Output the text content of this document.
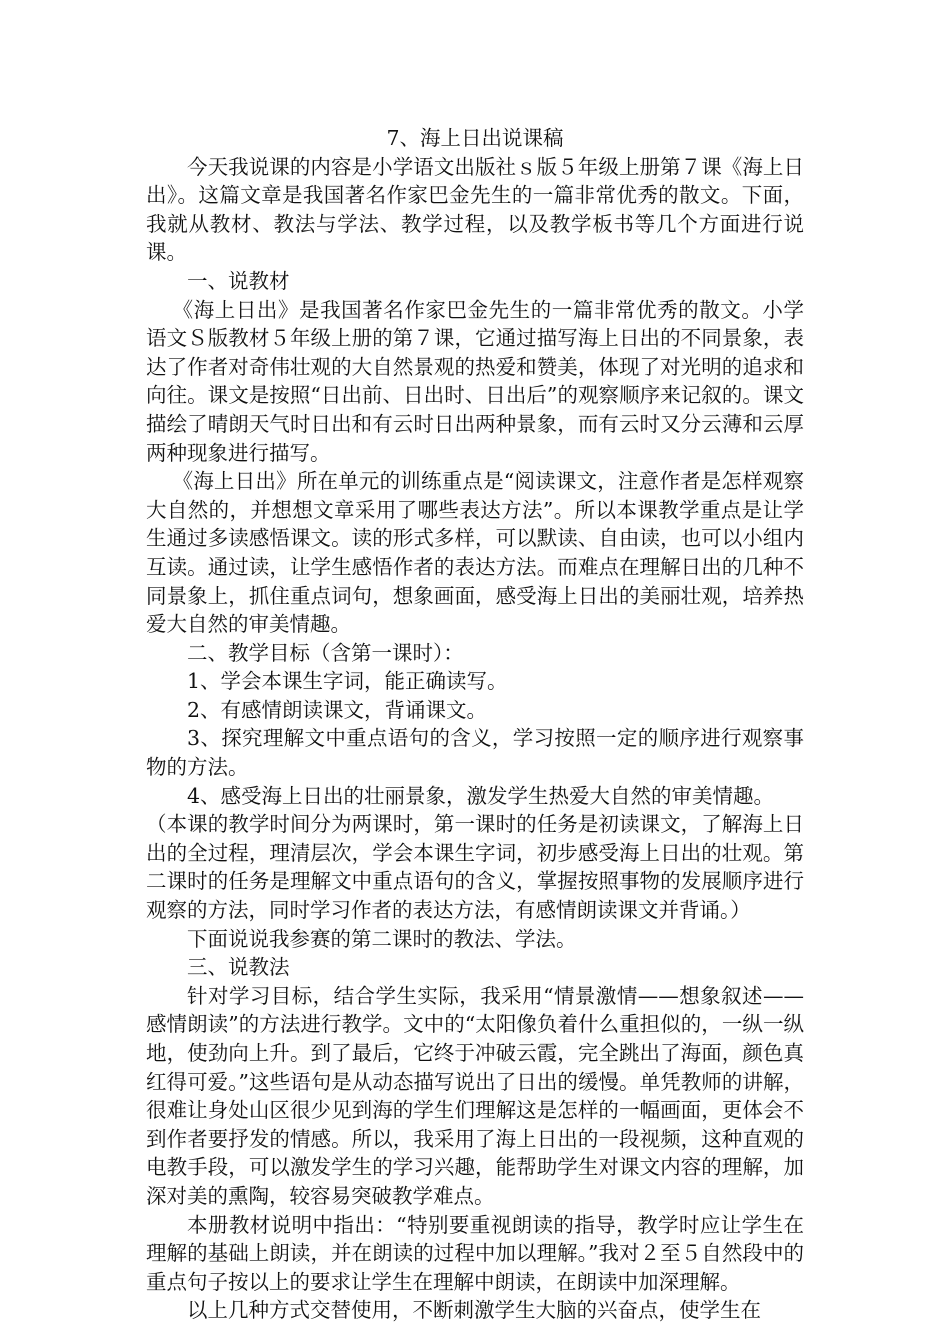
7、海上日出说课稿

今天我说课的内容是小学语文出版社ｓ版５年级上册第７课《海上日出》。这篇文章是我国著名作家巴金先生的一篇非常优秀的散文。下面，我就从教材、教法与学法、教学过程，以及教学板书等几个方面进行说课。

一、说教材

《海上日出》是我国著名作家巴金先生的一篇非常优秀的散文。小学语文Ｓ版教材５年级上册的第７课，它通过描写海上日出的不同景象，表达了作者对奇伟壮观的大自然景观的热爱和赞美，体现了对光明的追求和向往。课文是按照“日出前、日出时、日出后”的观察顺序来记叙的。课文描绘了晴朗天气时日出和有云时日出两种景象，而有云时又分云薄和云厚两种现象进行描写。

《海上日出》所在单元的训练重点是“阅读课文，注意作者是怎样观察大自然的，并想想文章采用了哪些表达方法”。所以本课教学重点是让学生通过多读感悟课文。读的形式多样，可以默读、自由读，也可以小组内互读。通过读，让学生感悟作者的表达方法。而难点在理解日出的几种不同景象上，抓住重点词句，想象画面，感受海上日出的美丽壮观，培养热爱大自然的审美情趣。

二、教学目标（含第一课时）：

1、学会本课生字词，能正确读写。

2、有感情朗读课文，背诵课文。

3、探究理解文中重点语句的含义，学习按照一定的顺序进行观察事物的方法。

4、感受海上日出的壮丽景象，激发学生热爱大自然的审美情趣。

（本课的教学时间分为两课时，第一课时的任务是初读课文，了解海上日出的全过程，理清层次，学会本课生字词，初步感受海上日出的壮观。第二课时的任务是理解文中重点语句的含义，掌握按照事物的发展顺序进行观察的方法，同时学习作者的表达方法，有感情朗读课文并背诵。）

下面说说我参赛的第二课时的教法、学法。

三、说教法

针对学习目标，结合学生实际，我采用“情景激情——想象叙述——感情朗读”的方法进行教学。文中的“太阳像负着什么重担似的，一纵一纵地，使劲向上升。到了最后，它终于冲破云霞，完全跳出了海面，颜色真红得可爱。”这些语句是从动态描写说出了日出的缓慢。单凭教师的讲解，很难让身处山区很少见到海的学生们理解这是怎样的一幅画面，更体会不到作者要抒发的情感。所以，我采用了海上日出的一段视频，这种直观的电教手段，可以激发学生的学习兴趣，能帮助学生对课文内容的理解，加深对美的熏陶，较容易突破教学难点。

本册教材说明中指出：“特别要重视朗读的指导，教学时应让学生在理解的基础上朗读，并在朗读的过程中加以理解。”我对２至５自然段中的重点句子按以上的要求让学生在理解中朗读，在朗读中加深理解。

以上几种方式交替使用，不断刺激学生大脑的兴奋点，使学生在
